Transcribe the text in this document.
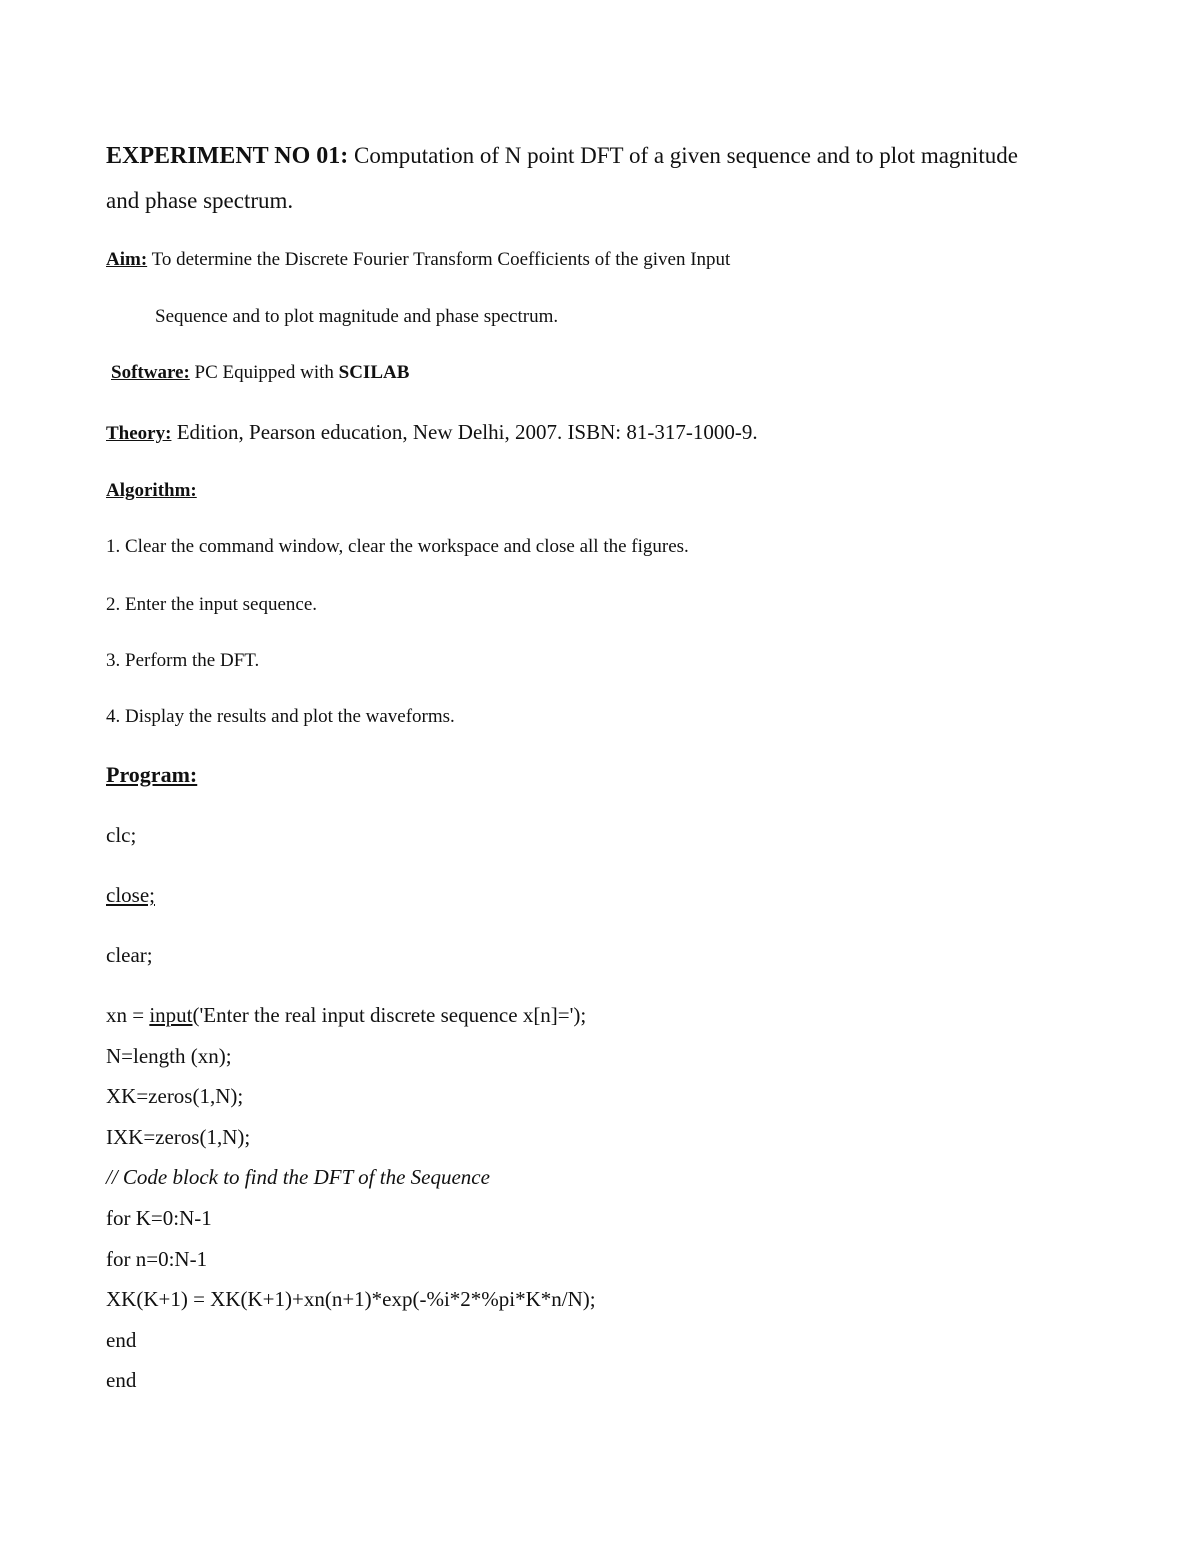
EXPERIMENT NO 01: Computation of N point DFT of a given sequence and to plot magnitude
and phase spectrum.
Aim: To determine the Discrete Fourier Transform Coefficients of the given Input
Sequence and to plot magnitude and phase spectrum.
Software: PC Equipped with SCILAB
Theory: Edition, Pearson education, New Delhi, 2007. ISBN: 81-317-1000-9.
Algorithm:
1. Clear the command window, clear the workspace and close all the figures.
2. Enter the input sequence.
3. Perform the DFT.
4. Display the results and plot the waveforms.
Program:
clc;
close;
clear;
xn = input('Enter the real input discrete sequence x[n]=');
N=length (xn);
XK=zeros(1,N);
IXK=zeros(1,N);
// Code block to find the DFT of the Sequence
for K=0:N-1
for n=0:N-1
XK(K+1) = XK(K+1)+xn(n+1)*exp(-%i*2*%pi*K*n/N);
end
end
